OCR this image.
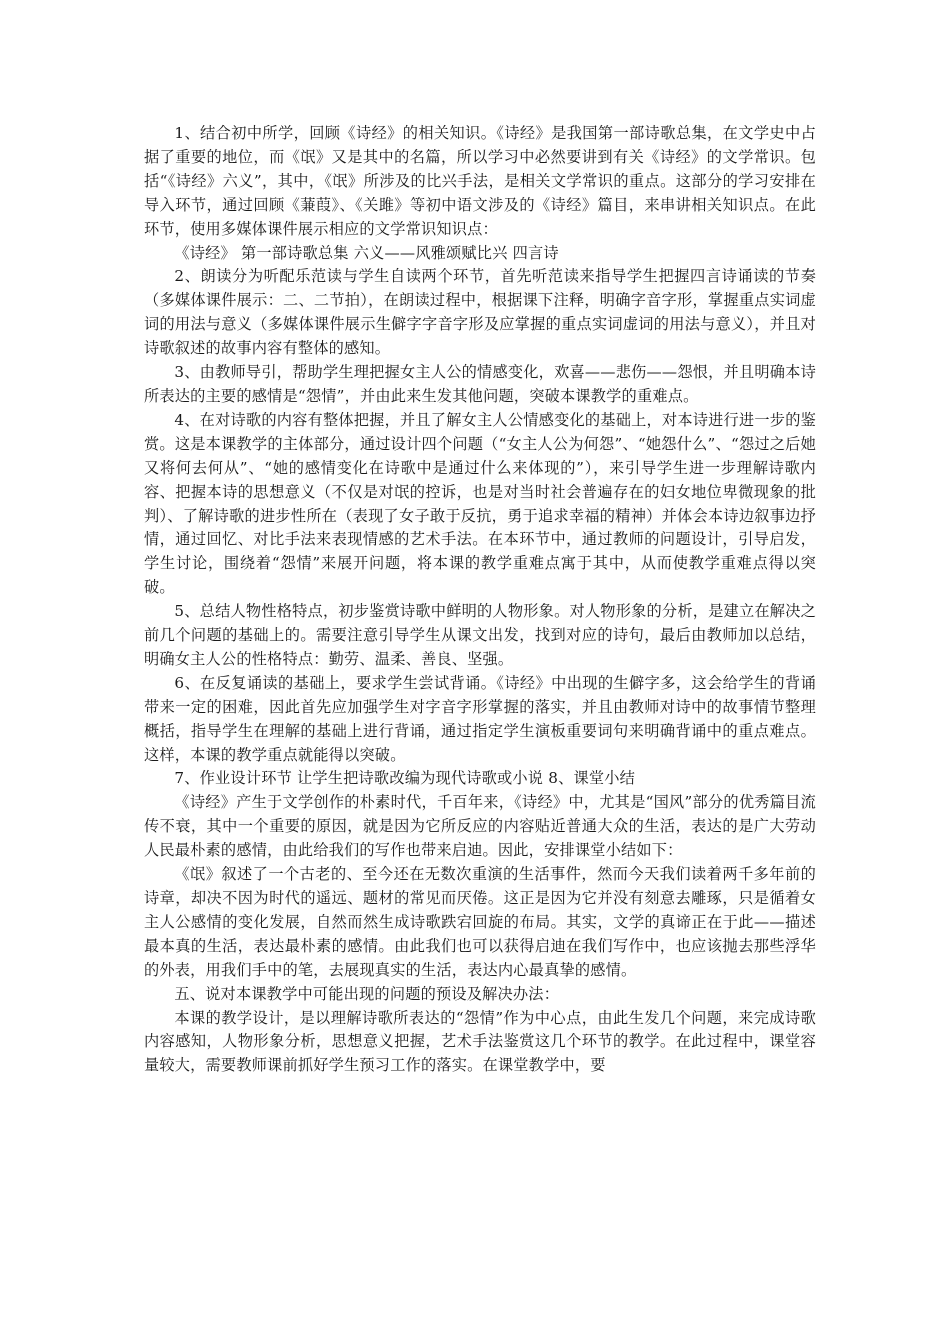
1、结合初中所学，回顾《诗经》的相关知识。《诗经》是我国第一部诗歌总集，在文学史中占据了重要的地位，而《氓》又是其中的名篇，所以学习中必然要讲到有关《诗经》的文学常识。包括“《诗经》六义”，其中，《氓》所涉及的比兴手法，是相关文学常识的重点。这部分的学习安排在导入环节，通过回顾《蒹葭》、《关雎》等初中语文涉及的《诗经》篇目，来串讲相关知识点。在此环节，使用多媒体课件展示相应的文学常识知识点：

《诗经》 第一部诗歌总集 六义——风雅颂赋比兴 四言诗

2、朗读分为听配乐范读与学生自读两个环节，首先听范读来指导学生把握四言诗诵读的节奏（多媒体课件展示：二、二节拍），在朗读过程中，根据课下注释，明确字音字形，掌握重点实词虚词的用法与意义（多媒体课件展示生僻字字音字形及应掌握的重点实词虚词的用法与意义），并且对诗歌叙述的故事内容有整体的感知。

3、由教师导引，帮助学生理把握女主人公的情感变化，欢喜——悲伤——怨恨，并且明确本诗所表达的主要的感情是“怨情”，并由此来生发其他问题，突破本课教学的重难点。

4、在对诗歌的内容有整体把握，并且了解女主人公情感变化的基础上，对本诗进行进一步的鉴赏。这是本课教学的主体部分，通过设计四个问题（“女主人公为何怨”、“她怨什么”、“怨过之后她又将何去何从”、“她的感情变化在诗歌中是通过什么来体现的”），来引导学生进一步理解诗歌内容、把握本诗的思想意义（不仅是对氓的控诉，也是对当时社会普遍存在的妇女地位卑微现象的批判）、了解诗歌的进步性所在（表现了女子敢于反抗，勇于追求幸福的精神）并体会本诗边叙事边抒情，通过回忆、对比手法来表现情感的艺术手法。在本环节中，通过教师的问题设计，引导启发，学生讨论，围绕着“怨情”来展开问题，将本课的教学重难点寓于其中，从而使教学重难点得以突破。

5、总结人物性格特点，初步鉴赏诗歌中鲜明的人物形象。对人物形象的分析，是建立在解决之前几个问题的基础上的。需要注意引导学生从课文出发，找到对应的诗句，最后由教师加以总结，明确女主人公的性格特点：勤劳、温柔、善良、坚强。

6、在反复诵读的基础上，要求学生尝试背诵。《诗经》中出现的生僻字多，这会给学生的背诵带来一定的困难，因此首先应加强学生对字音字形掌握的落实，并且由教师对诗中的故事情节整理概括，指导学生在理解的基础上进行背诵，通过指定学生演板重要词句来明确背诵中的重点难点。这样，本课的教学重点就能得以突破。

7、作业设计环节 让学生把诗歌改编为现代诗歌或小说 8、课堂小结

《诗经》产生于文学创作的朴素时代，千百年来，《诗经》中，尤其是“国风”部分的优秀篇目流传不衰，其中一个重要的原因，就是因为它所反应的内容贴近普通大众的生活，表达的是广大劳动人民最朴素的感情，由此给我们的写作也带来启迪。因此，安排课堂小结如下：

《氓》叙述了一个古老的、至今还在无数次重演的生活事件，然而今天我们读着两千多年前的诗章，却决不因为时代的遥远、题材的常见而厌倦。这正是因为它并没有刻意去雕琢，只是循着女主人公感情的变化发展，自然而然生成诗歌跌宕回旋的布局。其实，文学的真谛正在于此——描述最本真的生活，表达最朴素的感情。由此我们也可以获得启迪在我们写作中，也应该抛去那些浮华的外表，用我们手中的笔，去展现真实的生活，表达内心最真挚的感情。

五、说对本课教学中可能出现的问题的预设及解决办法：

本课的教学设计，是以理解诗歌所表达的“怨情”作为中心点，由此生发几个问题，来完成诗歌内容感知，人物形象分析，思想意义把握，艺术手法鉴赏这几个环节的教学。在此过程中，课堂容量较大，需要教师课前抓好学生预习工作的落实。在课堂教学中，要
